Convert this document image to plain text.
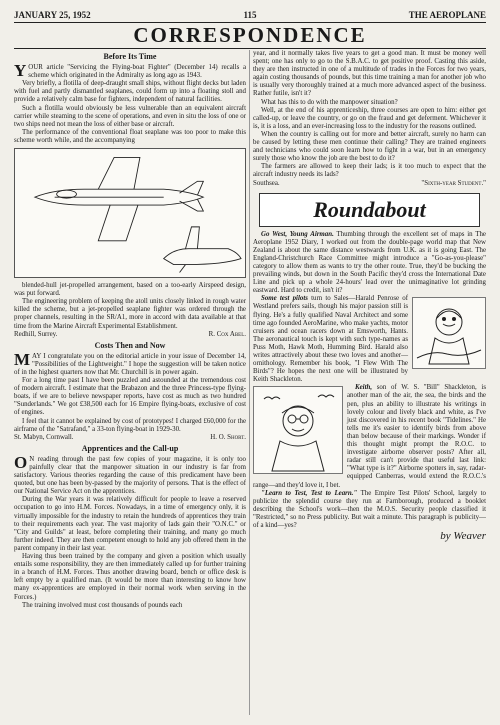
JANUARY 25, 1952	115	THE AEROPLANE
CORRESPONDENCE
Before Its Time

YOUR article "Servicing the Flying-boat Fighter" (December 14) recalls a scheme which originated in the Admiralty as long ago as 1943.

Very briefly, a flotilla of deep-draught small ships, without flight decks but laden with fuel and partly dismantled seaplanes, could form up into a floating stoll and provide a relatively calm base for fighters, independent of natural facilities.

Such a flotilla would obviously be less vulnerable than an equivalent aircraft carrier while steaming to the scene of operations, and even in situ the loss of one or two ships need not mean the loss of either base or aircraft.

The performance of the conventional float seaplane was too poor to make this scheme worth while, and the accompanying

blended-hull jet-propelled arrangement, based on a too-early Airspeed design, was put forward.

The engineering problem of keeping the atoll units closely linked in rough water killed the scheme, but a jet-propelled seaplane fighter was ordered through the proper channels, resulting in the SR/A1, more in accord with data available at that time from the Marine Aircraft Experimental Establishment.

Redhill, Surrey.	R. Cox Abel.
Costs Then and Now

MAY I congratulate you on the editorial article in your issue of December 14, "Possibilities of the Lightweight." I hope the suggestion will be taken notice of in the highest quarters now that Mr. Churchill is in power again.

For a long time past I have been puzzled and astounded at the tremendous cost of modern aircraft. I estimate that the Brabazon and the three Princess-type flying-boats, if we are to believe newspaper reports, have cost as much as two hundred "Sunderlands." We got £38,500 each for 16 Empire flying-boats, exclusive of cost of engines.

I feel that it cannot be explained by cost of prototypes! I charged £60,000 for the airframe of the "Satrafand," a 33-ton flying-boat in 1929-30.

St. Mabyn, Cornwall.	H. O. Short.
Apprentices and the Call-up

O N reading through the past few copies of your magazine, it is only too painfully clear that the manpower situation in our industry is far from satisfactory. Various theories regarding the cause of this predicament have been quoted, but one has been by-passed by the majority of persons. That is the effect of our National Service Act on the apprentices.

During the War years it was relatively difficult for people to leave a reserved occupation to go into H.M. Forces. Nowadays, in a time of emergency only, it is virtually impossible for the industry to retain the hundreds of apprentices they train to their requirements each year. The vast majority of lads gain their "O.N.C." or "City and Guilds" at least, before completing their training, and many go much further indeed. They are then competent enough to hold any job offered them in the parent company in their last year.

Having thus been trained by the company and given a position which usually entails some responsibility, they are then immediately called up for further training in a branch of H.M. Forces. Thus another drawing board, bench or office desk is left empty by a qualified man. (It would be more than interesting to know how many ex-apprentices are employed in their normal work when serving in the Forces.)

The training involved must cost thousands of pounds each

year, and it normally takes five years to get a good man. It must be money well spent; one has only to go to the S.B.A.C. to get positive proof. Casting this aside, they are then instructed in one of a multitude of trades in the Forces for two years, again costing thousands of pounds, but this time training a man for another job who is usually very thoroughly trained at a much more advanced aspect of the business. Rather futile, isn't it?

What has this to do with the manpower situation?

Well, at the end of his apprenticeship, three courses are open to him: either get called-up, or leave the country, or go on the fraud and get deferment. Whichever it is, it is a loss, and an ever-increasing loss to the industry for the reasons outlined.

When the country is calling out for more and better aircraft, surely no harm can be caused by letting these men continue their calling? They are trained engineers and technicians who could soon learn how to fight in a war, but in an emergency surely those who know the job are the best to do it?

The farmers are allowed to keep their lads; is it too much to expect that the aircraft industry needs its lads?

Southsea.	"Sixth-year Student."
Roundabout

Go West, Young Airman. Thumbing through the excellent set of maps in The Aeroplane 1952 Diary, I worked out from the double-page world map that New Zealand is about the same distance westwards from U.K. as it is going East. The England-Christchurch Race Committee might introduce a "Go-as-you-please" category to allow them as wants to try the other route. True, they'd be bucking the prevailing winds, but down in the South Pacific they'd cross the International Date Line and pick up a whole 24-hours' lead over the unimaginative lot grinding eastward. Hard to credit, isn't it?

Some test pilots turn to Sales—Harald Penrose of Westland prefers sails, though his major passion still is flying. He's a fully qualified Naval Architect and some time ago founded AeroMarine, who make yachts, motor cruisers and ocean racers down at Emsworth, Hants. The aeronautical touch is kept with such type-names as Puss Moth, Hawk Moth, Humming Bird. Harald also writes attractively about these two loves and another—ornithology. Remember his book, "I Flew With The Birds"? He hopes the next one will be illustrated by Keith Shackleton.

Keith, son of W. S. "Bill" Shackleton, is another man of the air, the sea, the birds and the pen, plus an ability to illustrate his writings in lovely colour and lively black and white, as I've just discovered in his recent book "Tidelines." He tells me it's easier to identify birds from above than below because of their markings. Wonder if this thought might prompt the R.O.C. to investigate airborne observer posts? After all, radar still can't provide that useful last link: "What type is it?" Airborne spotters in, say, radar-equipped Canberras, would extend the R.O.C.'s range—and they'd love it, I bet.

"Learn to Test, Test to Learn." The Empire Test Pilots' School, largely to publicize the splendid course they run at Farnborough, produced a booklet describing the School's work—then the M.O.S. Security people classified it "Restricted," so no Press publicity. But wait a minute. This paragraph is publicity—of a kind—yes?

by Weaver
